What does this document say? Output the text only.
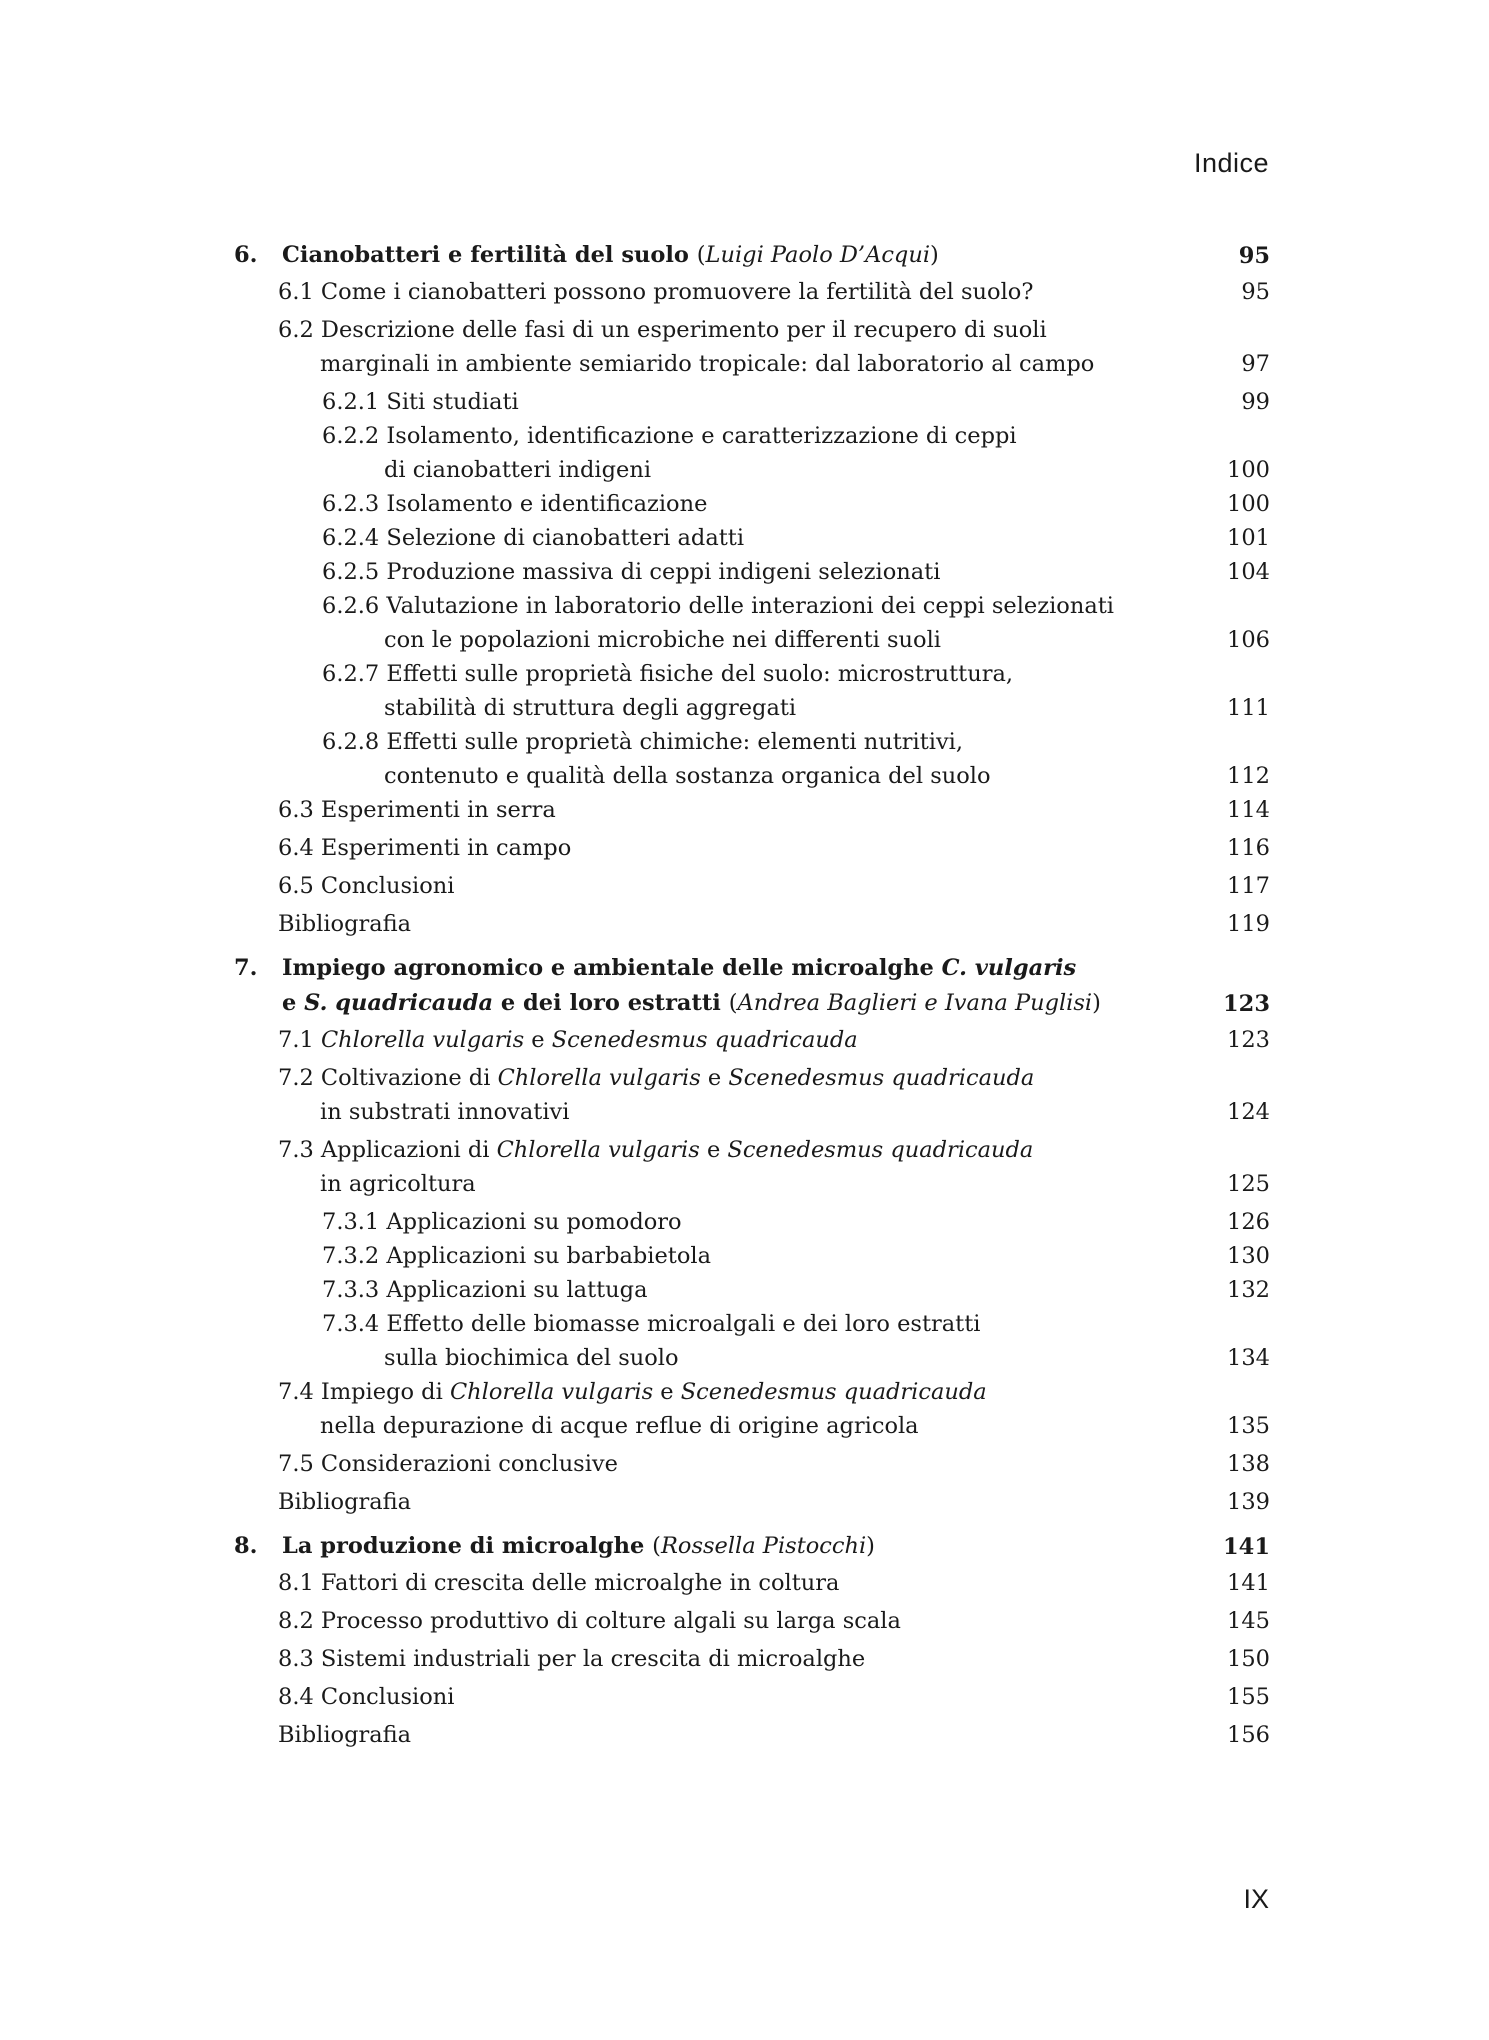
Indice
6. Cianobatteri e fertilità del suolo (Luigi Paolo D’Acqui)	95
6.1 Come i cianobatteri possono promuovere la fertilità del suolo?	95
6.2 Descrizione delle fasi di un esperimento per il recupero di suoli
marginali in ambiente semiarido tropicale: dal laboratorio al campo	97
6.2.1 Siti studiati	99
6.2.2 Isolamento, identificazione e caratterizzazione di ceppi
di cianobatteri indigeni	100
6.2.3 Isolamento e identificazione	100
6.2.4 Selezione di cianobatteri adatti	101
6.2.5 Produzione massiva di ceppi indigeni selezionati	104
6.2.6 Valutazione in laboratorio delle interazioni dei ceppi selezionati
con le popolazioni microbiche nei differenti suoli	106
6.2.7 Effetti sulle proprietà fisiche del suolo: microstruttura,
stabilità di struttura degli aggregati	111
6.2.8 Effetti sulle proprietà chimiche: elementi nutritivi,
contenuto e qualità della sostanza organica del suolo	112
6.3 Esperimenti in serra	114
6.4 Esperimenti in campo	116
6.5 Conclusioni	117
Bibliografia	119
7. Impiego agronomico e ambientale delle microalghe C. vulgaris
e S. quadricauda e dei loro estratti (Andrea Baglieri e Ivana Puglisi)	123
7.1 Chlorella vulgaris e Scenedesmus quadricauda	123
7.2 Coltivazione di Chlorella vulgaris e Scenedesmus quadricauda
in substrati innovativi	124
7.3 Applicazioni di Chlorella vulgaris e Scenedesmus quadricauda
in agricoltura	125
7.3.1 Applicazioni su pomodoro	126
7.3.2 Applicazioni su barbabietola	130
7.3.3 Applicazioni su lattuga	132
7.3.4 Effetto delle biomasse microalgali e dei loro estratti
sulla biochimica del suolo	134
7.4 Impiego di Chlorella vulgaris e Scenedesmus quadricauda
nella depurazione di acque reflue di origine agricola	135
7.5 Considerazioni conclusive	138
Bibliografia	139
8. La produzione di microalghe (Rossella Pistocchi)	141
8.1 Fattori di crescita delle microalghe in coltura	141
8.2 Processo produttivo di colture algali su larga scala	145
8.3 Sistemi industriali per la crescita di microalghe	150
8.4 Conclusioni	155
Bibliografia	156
IX
